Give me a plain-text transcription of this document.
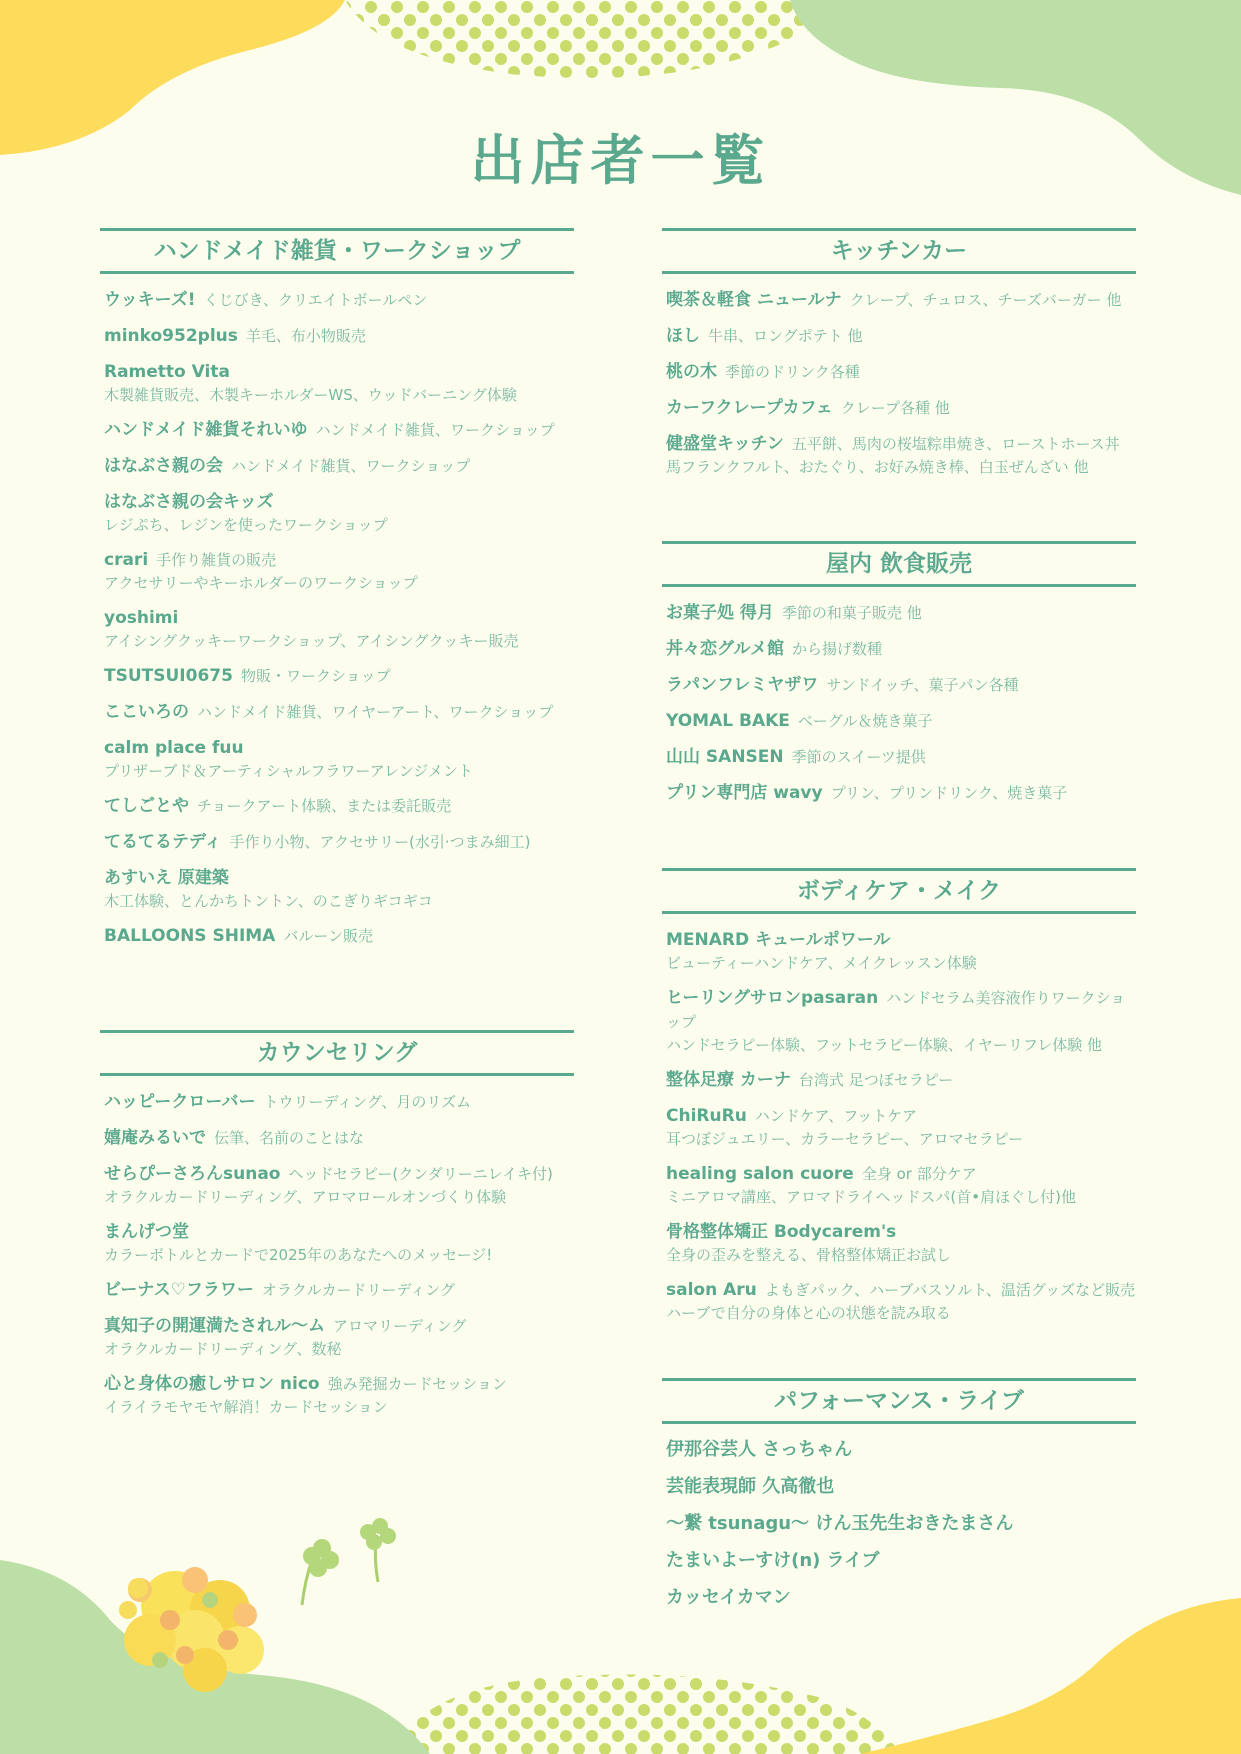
出店者一覧
ハンドメイド雑貨・ワークショップ
ウッキーズ! くじびき、クリエイトボールペン
minko952plus 羊毛、布小物販売
Rametto Vita
木製雑貨販売、木製キーホルダーWS、ウッドバーニング体験
ハンドメイド雑貨それいゆ ハンドメイド雑貨、ワークショップ
はなぶさ親の会 ハンドメイド雑貨、ワークショップ
はなぶさ親の会キッズ
レジぷち、レジンを使ったワークショップ
crari 手作り雑貨の販売
アクセサリーやキーホルダーのワークショップ
yoshimi
アイシングクッキーワークショップ、アイシングクッキー販売
TSUTSUI0675 物販・ワークショップ
ここいろの ハンドメイド雑貨、ワイヤーアート、ワークショップ
calm place fuu
プリザーブド＆アーティシャルフラワーアレンジメント
てしごとや チョークアート体験、または委託販売
てるてるテディ 手作り小物、アクセサリー(水引·つまみ細工)
あすいえ 原建築
木工体験、とんかちトントン、のこぎりギコギコ
BALLOONS SHIMA バルーン販売
カウンセリング
ハッピークローバー トウリーディング、月のリズム
嬉庵みるいで 伝筆、名前のことはな
せらぴーさろんsunao ヘッドセラピー(クンダリーニレイキ付)
オラクルカードリーディング、アロマロールオンづくり体験
まんげつ堂
カラーボトルとカードで2025年のあなたへのメッセージ!
ビーナス♡フラワー オラクルカードリーディング
真知子の開運満たされル～ム アロマリーディング
オラクルカードリーディング、数秘
心と身体の癒しサロン nico 強み発掘カードセッション
イライラモヤモヤ解消！カードセッション
キッチンカー
喫茶＆軽食 ニュールナ クレープ、チュロス、チーズバーガー 他
ほし 牛串、ロングポテト 他
桃の木 季節のドリンク各種
カーフクレープカフェ クレープ各種 他
健盛堂キッチン 五平餅、馬肉の桜塩粽串焼き、ローストホース丼
馬フランクフルト、おたぐり、お好み焼き棒、白玉ぜんざい 他
屋内 飲食販売
お菓子処 得月 季節の和菓子販売 他
丼々恋グルメ館 から揚げ数種
ラパンフレミヤザワ サンドイッチ、菓子パン各種
YOMAL BAKE ベーグル＆焼き菓子
山山 SANSEN 季節のスイーツ提供
プリン専門店 wavy プリン、プリンドリンク、焼き菓子
ボディケア・メイク
MENARD キュールポワール
ビューティーハンドケア、メイクレッスン体験
ヒーリングサロンpasaran ハンドセラム美容液作りワークショップ
ハンドセラピー体験、フットセラピー体験、イヤーリフレ体験 他
整体足療 カーナ 台湾式 足つぼセラピー
ChiRuRu ハンドケア、フットケア
耳つぼジュエリー、カラーセラピー、アロマセラピー
healing salon cuore 全身 or 部分ケア
ミニアロマ講座、アロマドライヘッドスパ(首•肩ほぐし付)他
骨格整体矯正 Bodycarem's
全身の歪みを整える、骨格整体矯正お試し
salon Aru よもぎパック、ハーブバスソルト、温活グッズなど販売
ハーブで自分の身体と心の状態を読み取る
パフォーマンス・ライブ
伊那谷芸人 さっちゃん
芸能表現師 久高徹也
〜繋 tsunagu〜 けん玉先生おきたまさん
たまいよーすけ(n) ライブ
カッセイカマン
